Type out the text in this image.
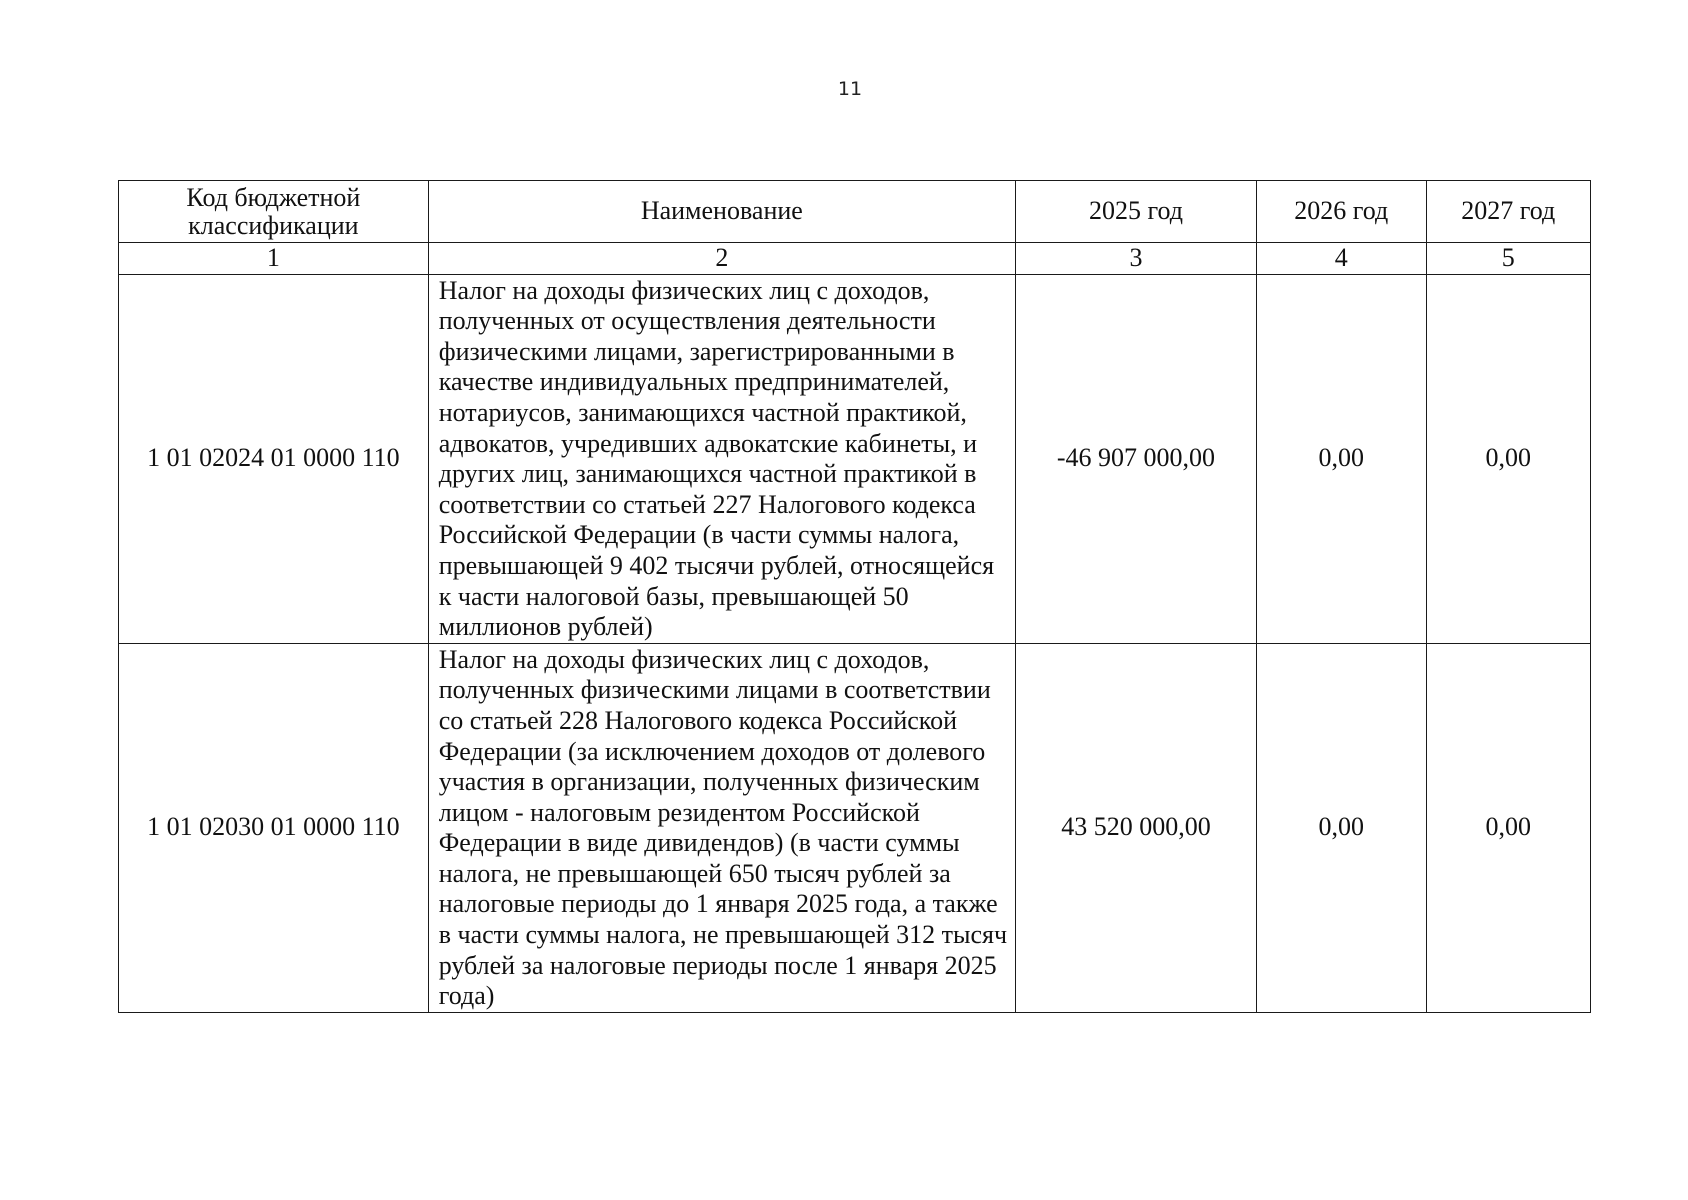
11
Код бюджетной классификации	Наименование	2025 год	2026 год	2027 год
1	2	3	4	5
1 01 02024 01 0000 110	Налог на доходы физических лиц с доходов, полученных от осуществления деятельности физическими лицами, зарегистрированными в качестве индивидуальных предпринимателей, нотариусов, занимающихся частной практикой, адвокатов, учредивших адвокатские кабинеты, и других лиц, занимающихся частной практикой в соответствии со статьей 227 Налогового кодекса Российской Федерации (в части суммы налога, превышающей 9 402 тысячи рублей, относящейся к части налоговой базы, превышающей 50 миллионов рублей)	-46 907 000,00	0,00	0,00
1 01 02030 01 0000 110	Налог на доходы физических лиц с доходов, полученных физическими лицами в соответствии со статьей 228 Налогового кодекса Российской Федерации (за исключением доходов от долевого участия в организации, полученных физическим лицом - налоговым резидентом Российской Федерации в виде дивидендов) (в части суммы налога, не превышающей 650 тысяч рублей за налоговые периоды до 1 января 2025 года, а также в части суммы налога, не превышающей 312 тысяч рублей за налоговые периоды после 1 января 2025 года)	43 520 000,00	0,00	0,00
